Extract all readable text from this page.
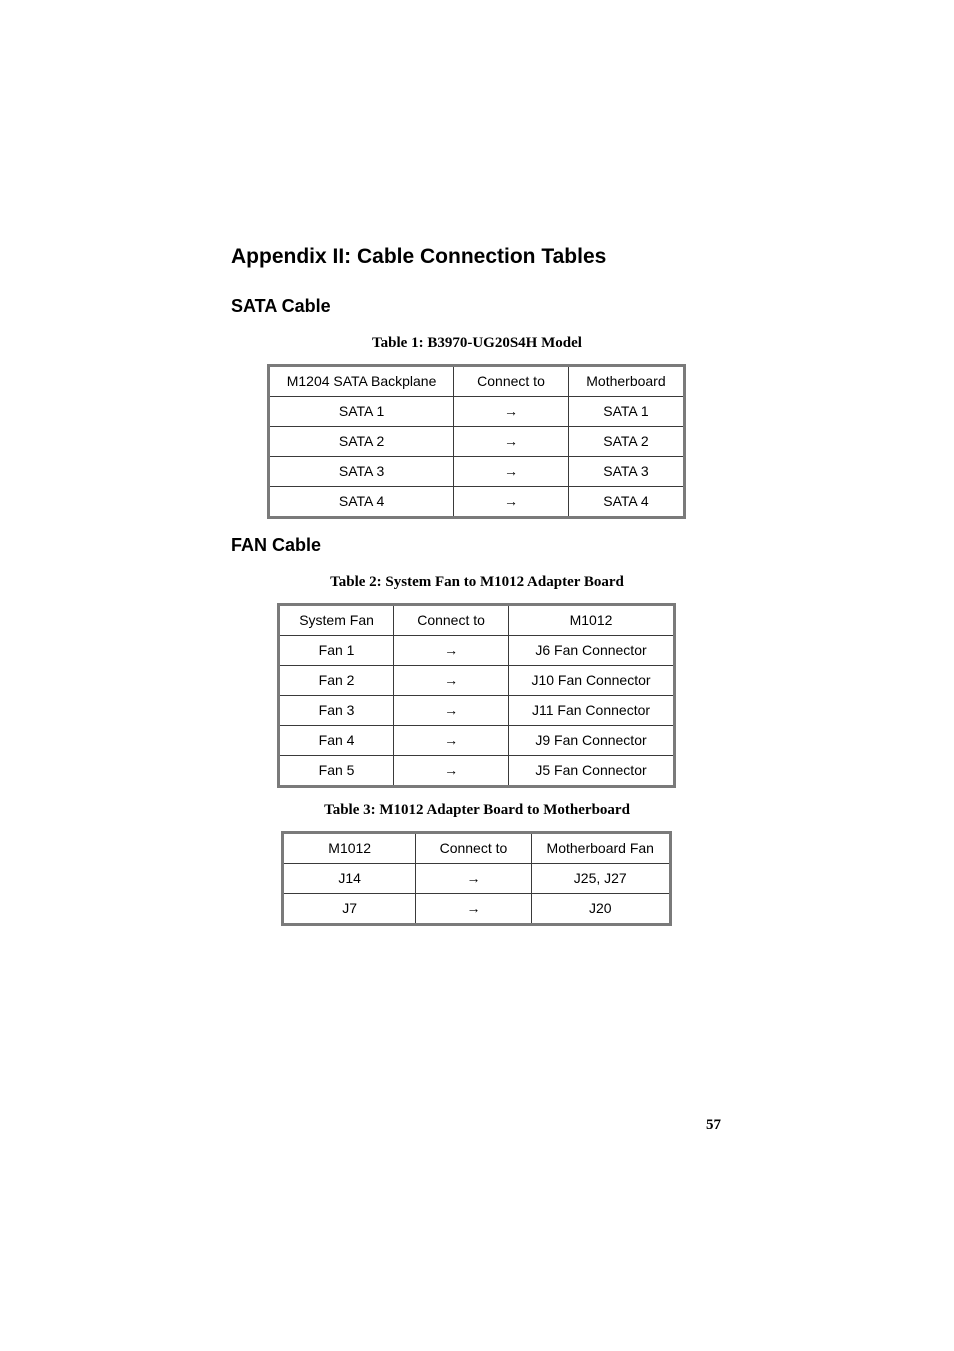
Appendix II: Cable Connection Tables
SATA Cable
Table 1: B3970-UG20S4H Model
M1204 SATA Backplane	Connect to	Motherboard
SATA 1	→	SATA 1
SATA 2	→	SATA 2
SATA 3	→	SATA 3
SATA 4	→	SATA 4
FAN Cable
Table 2: System Fan to M1012 Adapter Board
System Fan	Connect to	M1012
Fan 1	→	J6 Fan Connector
Fan 2	→	J10 Fan Connector
Fan 3	→	J11 Fan Connector
Fan 4	→	J9 Fan Connector
Fan 5	→	J5 Fan Connector
Table 3: M1012 Adapter Board to Motherboard
M1012	Connect to	Motherboard Fan
J14	→	J25, J27
J7	→	J20
57
